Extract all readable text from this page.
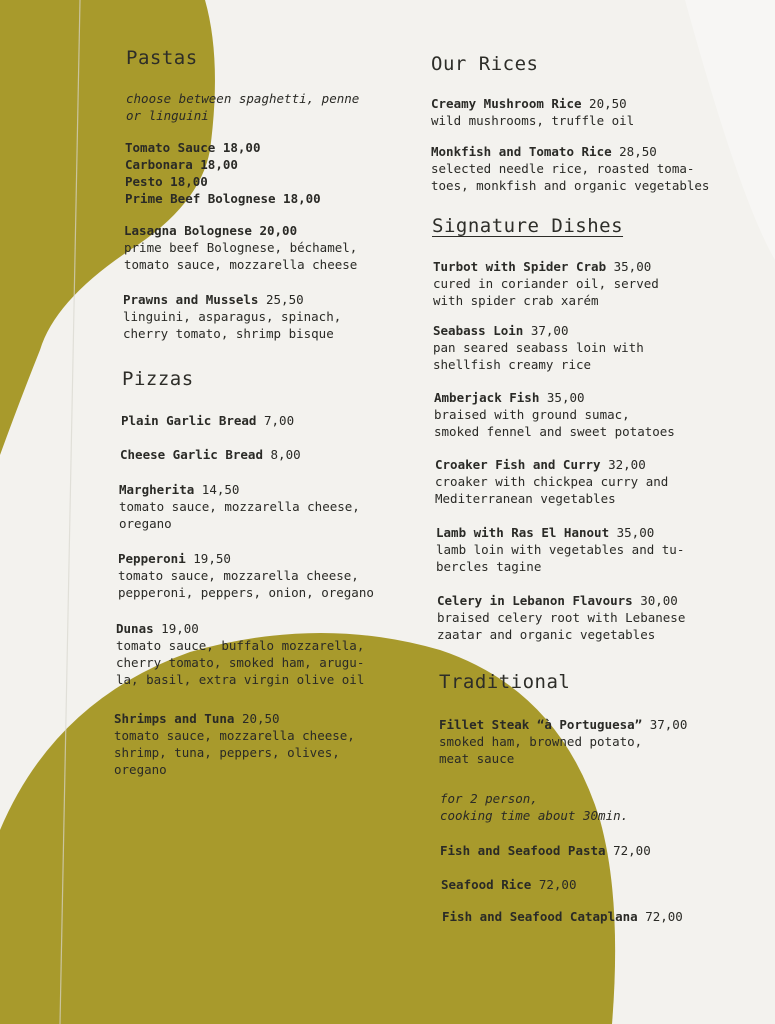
Pastas
choose between spaghetti, penne
or linguini
Tomato Sauce 18,00
Carbonara 18,00
Pesto 18,00
Prime Beef Bolognese 18,00
Lasagna Bolognese 20,00
prime beef Bolognese, béchamel,
tomato sauce, mozzarella cheese
Prawns and Mussels 25,50
linguini, asparagus, spinach,
cherry tomato, shrimp bisque
Pizzas
Plain Garlic Bread 7,00
Cheese Garlic Bread 8,00
Margherita 14,50
tomato sauce, mozzarella cheese,
oregano
Pepperoni 19,50
tomato sauce, mozzarella cheese,
pepperoni, peppers, onion, oregano
Dunas 19,00
tomato sauce, buffalo mozzarella,
cherry tomato, smoked ham, arugu-
la, basil, extra virgin olive oil
Shrimps and Tuna 20,50
tomato sauce, mozzarella cheese,
shrimp, tuna, peppers, olives,
oregano
Our Rices
Creamy Mushroom Rice 20,50
wild mushrooms, truffle oil
Monkfish and Tomato Rice 28,50
selected needle rice, roasted toma-
toes, monkfish and organic vegetables
Signature Dishes
Turbot with Spider Crab 35,00
cured in coriander oil, served
with spider crab xarém
Seabass Loin 37,00
pan seared seabass loin with
shellfish creamy rice
Amberjack Fish 35,00
braised with ground sumac,
smoked fennel and sweet potatoes
Croaker Fish and Curry 32,00
croaker with chickpea curry and
Mediterranean vegetables
Lamb with Ras El Hanout 35,00
lamb loin with vegetables and tu-
bercles tagine
Celery in Lebanon Flavours 30,00
braised celery root with Lebanese
zaatar and organic vegetables
Traditional
Fillet Steak “à Portuguesa” 37,00
smoked ham, browned potato,
meat sauce
for 2 person,
cooking time about 30min.
Fish and Seafood Pasta 72,00
Seafood Rice 72,00
Fish and Seafood Cataplana 72,00
